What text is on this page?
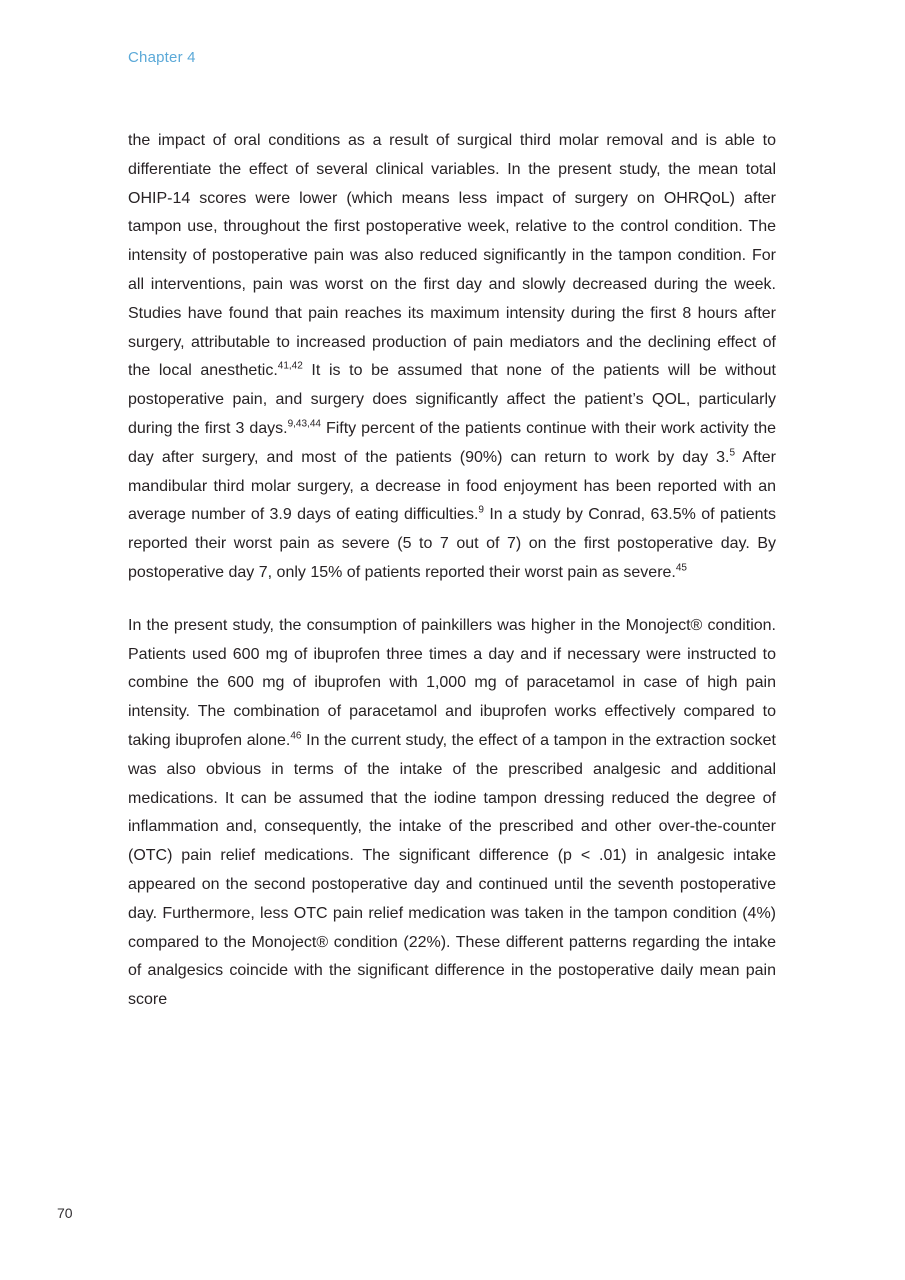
Chapter 4

the impact of oral conditions as a result of surgical third molar removal and is able to differentiate the effect of several clinical variables. In the present study, the mean total OHIP-14 scores were lower (which means less impact of surgery on OHRQoL) after tampon use, throughout the first postoperative week, relative to the control condition. The intensity of postoperative pain was also reduced significantly in the tampon condition. For all interventions, pain was worst on the first day and slowly decreased during the week. Studies have found that pain reaches its maximum intensity during the first 8 hours after surgery, attributable to increased production of pain mediators and the declining effect of the local anesthetic.$^{41,42}$ It is to be assumed that none of the patients will be without postoperative pain, and surgery does significantly affect the patient’s QOL, particularly during the first 3 days.$^{9,43,44}$ Fifty percent of the patients continue with their work activity the day after surgery, and most of the patients (90%) can return to work by day 3.$^5$ After mandibular third molar surgery, a decrease in food enjoyment has been reported with an average number of 3.9 days of eating difficulties.$^9$ In a study by Conrad, 63.5% of patients reported their worst pain as severe (5 to 7 out of 7) on the first postoperative day. By postoperative day 7, only 15% of patients reported their worst pain as severe.$^{45}$

In the present study, the consumption of painkillers was higher in the Monoject® condition. Patients used 600 mg of ibuprofen three times a day and if necessary were instructed to combine the 600 mg of ibuprofen with 1,000 mg of paracetamol in case of high pain intensity. The combination of paracetamol and ibuprofen works effectively compared to taking ibuprofen alone.$^{46}$ In the current study, the effect of a tampon in the extraction socket was also obvious in terms of the intake of the prescribed analgesic and additional medications. It can be assumed that the iodine tampon dressing reduced the degree of inflammation and, consequently, the intake of the prescribed and other over-the-counter (OTC) pain relief medications. The significant difference (p < .01) in analgesic intake appeared on the second postoperative day and continued until the seventh postoperative day. Furthermore, less OTC pain relief medication was taken in the tampon condition (4%) compared to the Monoject® condition (22%). These different patterns regarding the intake of analgesics coincide with the significant difference in the postoperative daily mean pain score

70
